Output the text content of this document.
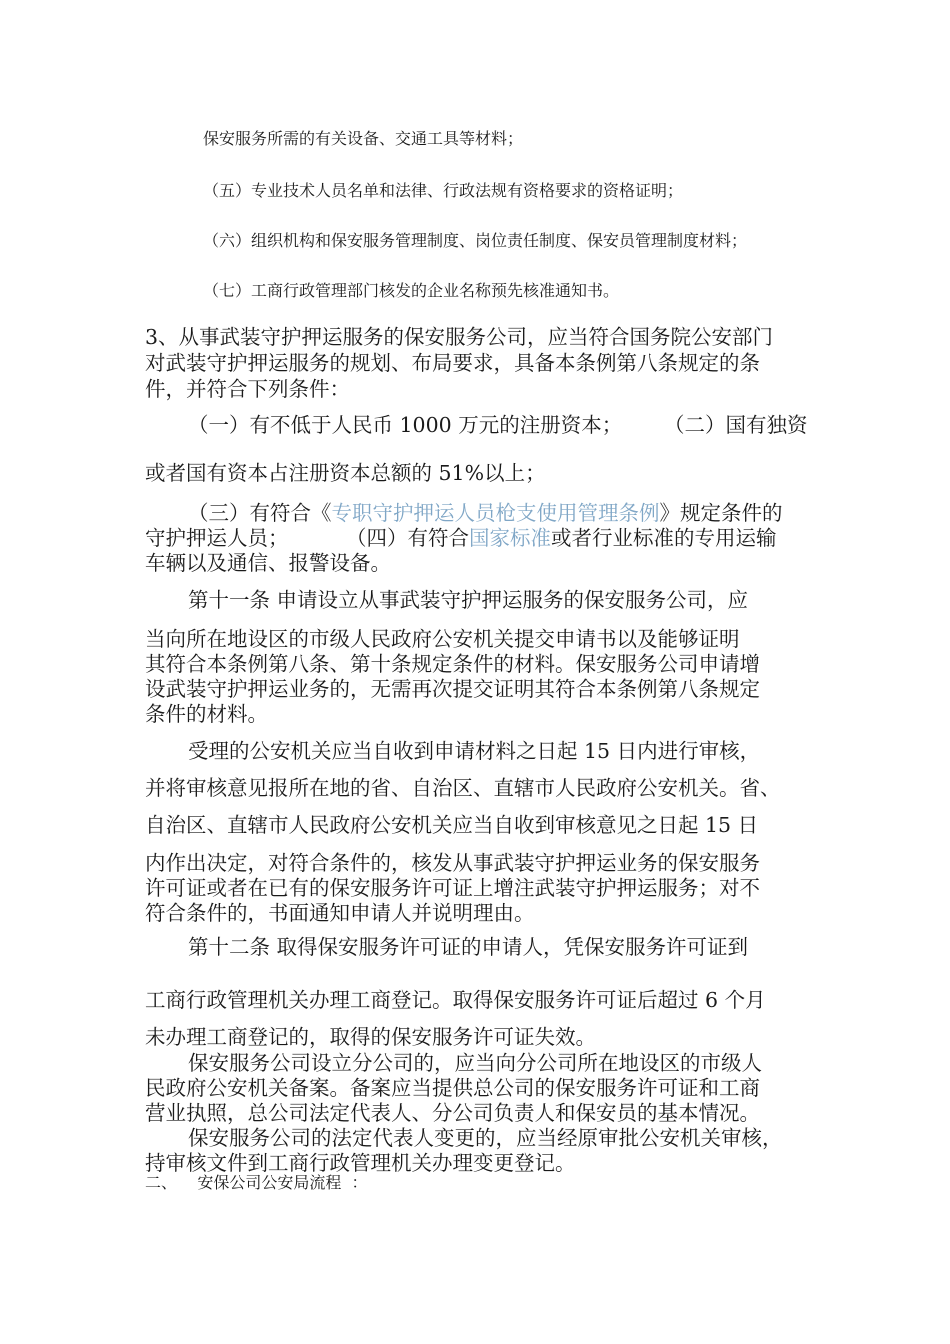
保安服务所需的有关设备、交通工具等材料；
（五）专业技术人员名单和法律、行政法规有资格要求的资格证明；
（六）组织机构和保安服务管理制度、岗位责任制度、保安员管理制度材料；
（七）工商行政管理部门核发的企业名称预先核准通知书。
3、从事武装守护押运服务的保安服务公司，应当符合国务院公安部门
对武装守护押运服务的规划、布局要求，具备本条例第八条规定的条
件，并符合下列条件：
（一）有不低于人民币 1000 万元的注册资本； （二）国有独资
或者国有资本占注册资本总额的 51%以上；
（三）有符合《专职守护押运人员枪支使用管理条例》规定条件的
守护押运人员；	（四）有符合国家标准或者行业标准的专用运输
车辆以及通信、报警设备。
第十一条 申请设立从事武装守护押运服务的保安服务公司，应
当向所在地设区的市级人民政府公安机关提交申请书以及能够证明
其符合本条例第八条、第十条规定条件的材料。保安服务公司申请增
设武装守护押运业务的，无需再次提交证明其符合本条例第八条规定
条件的材料。
受理的公安机关应当自收到申请材料之日起 15 日内进行审核，
并将审核意见报所在地的省、自治区、直辖市人民政府公安机关。省、
自治区、直辖市人民政府公安机关应当自收到审核意见之日起 15 日
内作出决定，对符合条件的，核发从事武装守护押运业务的保安服务
许可证或者在已有的保安服务许可证上增注武装守护押运服务；对不
符合条件的，书面通知申请人并说明理由。
第十二条 取得保安服务许可证的申请人，凭保安服务许可证到
工商行政管理机关办理工商登记。取得保安服务许可证后超过 6 个月
未办理工商登记的，取得的保安服务许可证失效。
保安服务公司设立分公司的，应当向分公司所在地设区的市级人
民政府公安机关备案。备案应当提供总公司的保安服务许可证和工商
营业执照，总公司法定代表人、分公司负责人和保安员的基本情况。
保安服务公司的法定代表人变更的，应当经原审批公安机关审核，
持审核文件到工商行政管理机关办理变更登记。
二、    安保公司公安局流程  ：
